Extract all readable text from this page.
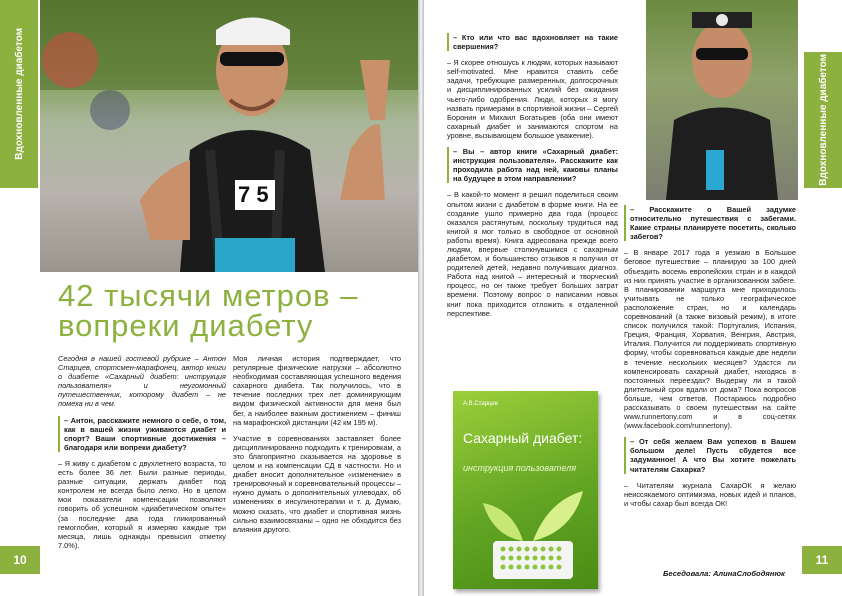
7 5
Вдохновленные диабетом
42 тысячи метров –
вопреки диабету

Сегодня в нашей гостевой рубрике – Антон Старцев, спортсмен-марафонец, автор книги о диабете «Сахарный диабет: инструкция пользователя» и неугомонный путешественник, которому диабет – не помеха ни в чем.

– Антон, расскажите немного о себе, о том, как в вашей жизни уживаются диабет и спорт? Ваши спортивные достижения – благодаря или вопреки диабету?

– Я живу с диабетом с двухлетнего возраста, то есть более 36 лет. Были разные периоды, разные ситуации, держать диабет под контролем не всегда было легко. Но в целом мои показатели компенсации позволяют говорить об успешном «диабетическом опыте» (за последние два года гликированный гемоглобин, который я измеряю каждые три месяца, лишь однажды превысил отметку 7.0%).

Моя личная история подтверждает, что регулярные физические нагрузки – абсолютно необходимая составляющая успешного ведения сахарного диабета. Так получилось, что в течение последних трех лет доминирующим видом физической активности для меня был бег, а наиболее важным достижением – финиш на марафонской дистанции (42 км 195 м).

Участие в соревнованиях заставляет более дисциплинированно подходить к тренировкам, а это благоприятно сказывается на здоровье в целом и на компенсации СД в частности. Но и диабет вносит дополнительное «изменение» в тренировочный и соревновательный процессы – нужно думать о дополнительных углеводах, об изменениях в инсулинотерапии и т. д. Думаю, можно сказать, что диабет и спортивная жизнь сильно взаимосвязаны – одно не обходится без влияния другого.

10

– Кто или что вас вдохновляет на такие свершения?

– Я скорее отношусь к людям, которых называют self-motivated. Мне нравится ставить себе задачи, требующие размеренных, долгосрочных и дисциплинированных усилий без ожидания чьего-либо одобрения. Люди, которых я могу назвать примерами в спортивной жизни – Сергей Боронин и Михаил Богатырев (оба они имеют сахарный диабет и занимаются спортом на уровне, вызывающем большое уважение).

– Вы – автор книги «Сахарный диабет: инструкция пользователя». Расскажите как проходила работа над ней, каковы планы на будущее в этом направлении?

– В какой-то момент я решил поделиться своим опытом жизни с диабетом в форме книги. На ее создание ушло примерно два года (процесс оказался растянутым, поскольку трудиться над книгой я мог только в свободное от основной работы время). Книга адресована прежде всего людям, впервые столкнувшимся с сахарным диабетом, и большинство отзывов я получил от родителей детей, недавно получивших диагноз. Работа над книгой – интересный и творческий процесс, но он также требует больших затрат времени. Поэтому вопрос о написании новых книг пока приходится отложить к отдаленной перспективе.

Вдохновленные диабетом

– Расскажите о Вашей задумке относительно путешествия с забегами. Какие страны планируете посетить, сколько забегов?

– В январе 2017 года я уезжаю в Большое беговое путешествие – планирую за 100 дней объездить восемь европейских стран и в каждой из них принять участие в организованном забеге. В планировании маршрута мне приходилось учитывать не только географическое расположение стран, но и календарь соревнований (а также визовый режим), в итоге список получился такой: Португалия, Испания, Греция, Франция, Хорватия, Венгрия, Австрия, Италия. Получится ли поддерживать спортивную форму, чтобы соревноваться каждые две недели в течение нескольких месяцев? Удастся ли компенсировать сахарный диабет, находясь в постоянных переездах? Выдержу ли я такой длительный срок вдали от дома? Пока вопросов больше, чем ответов. Постараюсь подробно рассказывать о своем путешествии на сайте www.runnertony.com и в соц-сетях (www.facebook.com/runnertony).

– От себя желаем Вам успехов в Вашем большом деле! Пусть сбудется все задуманное! А что Вы хотите пожелать читателям Сахарка?

– Читателям журнала СахарОК я желаю неиссякаемого оптимизма, новых идей и планов, и чтобы сахар был всегда ОК!

11
А.В.Старцев
Сахарный диабет:
инструкция пользователя
Беседовала: АлинаСлободянюк
